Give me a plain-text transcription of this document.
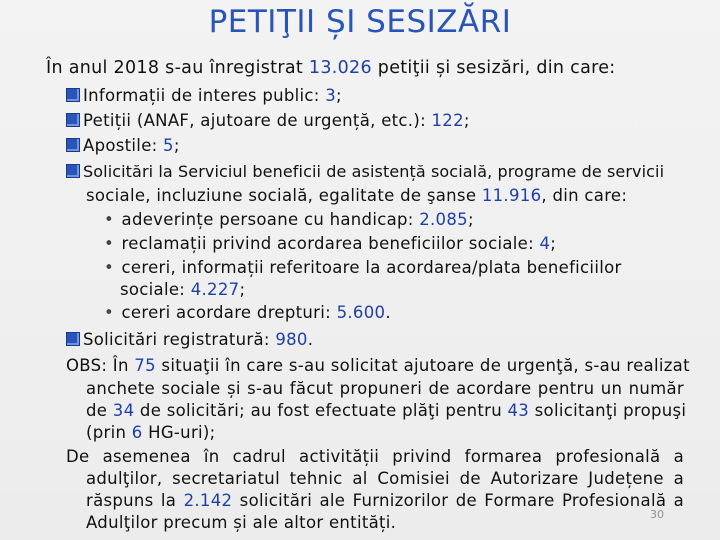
PETIŢII ȘI SESIZĂRI
În anul 2018 s-au înregistrat 13.026 petiţii și sesizări, din care:
Informații de interes public: 3;
Petiții (ANAF, ajutoare de urgență, etc.): 122;
Apostile: 5;
Solicitări la Serviciul beneficii de asistență socială, programe de servicii
sociale, incluziune socială, egalitate de şanse 11.916, din care:
• adeverințe persoane cu handicap: 2.085;
• reclamații privind acordarea beneficiilor sociale: 4;
• cereri, informații referitoare la acordarea/plata beneficiilor
sociale: 4.227;
• cereri acordare drepturi: 5.600.
Solicitări registratură: 980.
OBS: În 75 situaţii în care s-au solicitat ajutoare de urgenţă, s-au realizat
anchete sociale și s-au făcut propuneri de acordare pentru un număr
de 34 de solicitări; au fost efectuate plăţi pentru 43 solicitanţi propuşi
(prin 6 HG-uri);
De asemenea în cadrul activității privind formarea profesională a
adulţilor, secretariatul tehnic al Comisiei de Autorizare Județene a
răspuns la 2.142 solicitări ale Furnizorilor de Formare Profesională a
Adulţilor precum și ale altor entități.	30
